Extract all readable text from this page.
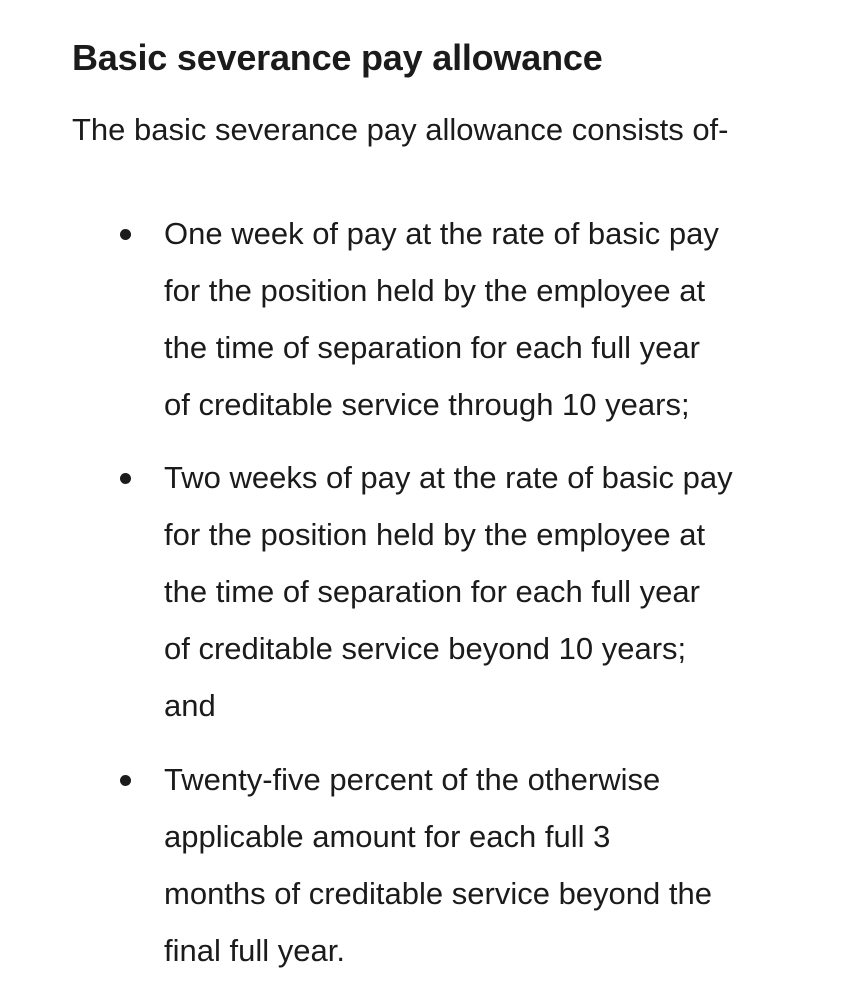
Basic severance pay allowance

The basic severance pay allowance consists of-

One week of pay at the rate of basic pay
for the position held by the employee at
the time of separation for each full year
of creditable service through 10 years;

Two weeks of pay at the rate of basic pay
for the position held by the employee at
the time of separation for each full year
of creditable service beyond 10 years;
and

Twenty-five percent of the otherwise
applicable amount for each full 3
months of creditable service beyond the
final full year.
